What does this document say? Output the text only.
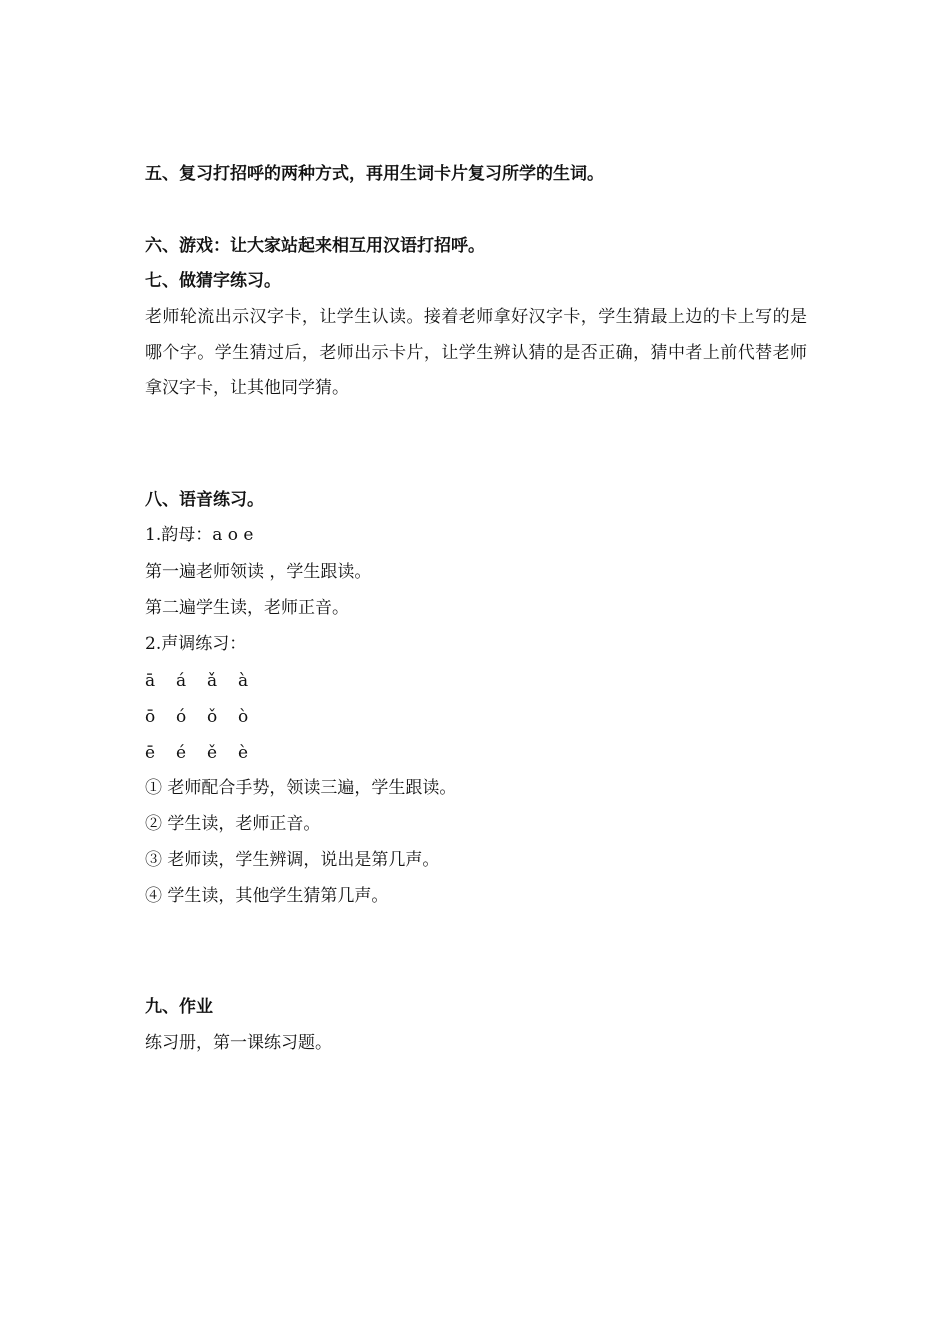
五、复习打招呼的两种方式，再用生词卡片复习所学的生词。
六、游戏：让大家站起来相互用汉语打招呼。
七、做猜字练习。
老师轮流出示汉字卡，让学生认读。接着老师拿好汉字卡，学生猜最上边的卡上写的是哪个字。学生猜过后，老师出示卡片，让学生辨认猜的是否正确，猜中者上前代替老师拿汉字卡，让其他同学猜。
八、语音练习。
1.韵母：a o e
第一遍老师领读 ，学生跟读。
第二遍学生读，老师正音。
2.声调练习：
ā á ǎ à
ō ó ǒ ò
ē é ě è
① 老师配合手势，领读三遍，学生跟读。
② 学生读，老师正音。
③ 老师读，学生辨调，说出是第几声。
④ 学生读，其他学生猜第几声。
九、作业
练习册，第一课练习题。
